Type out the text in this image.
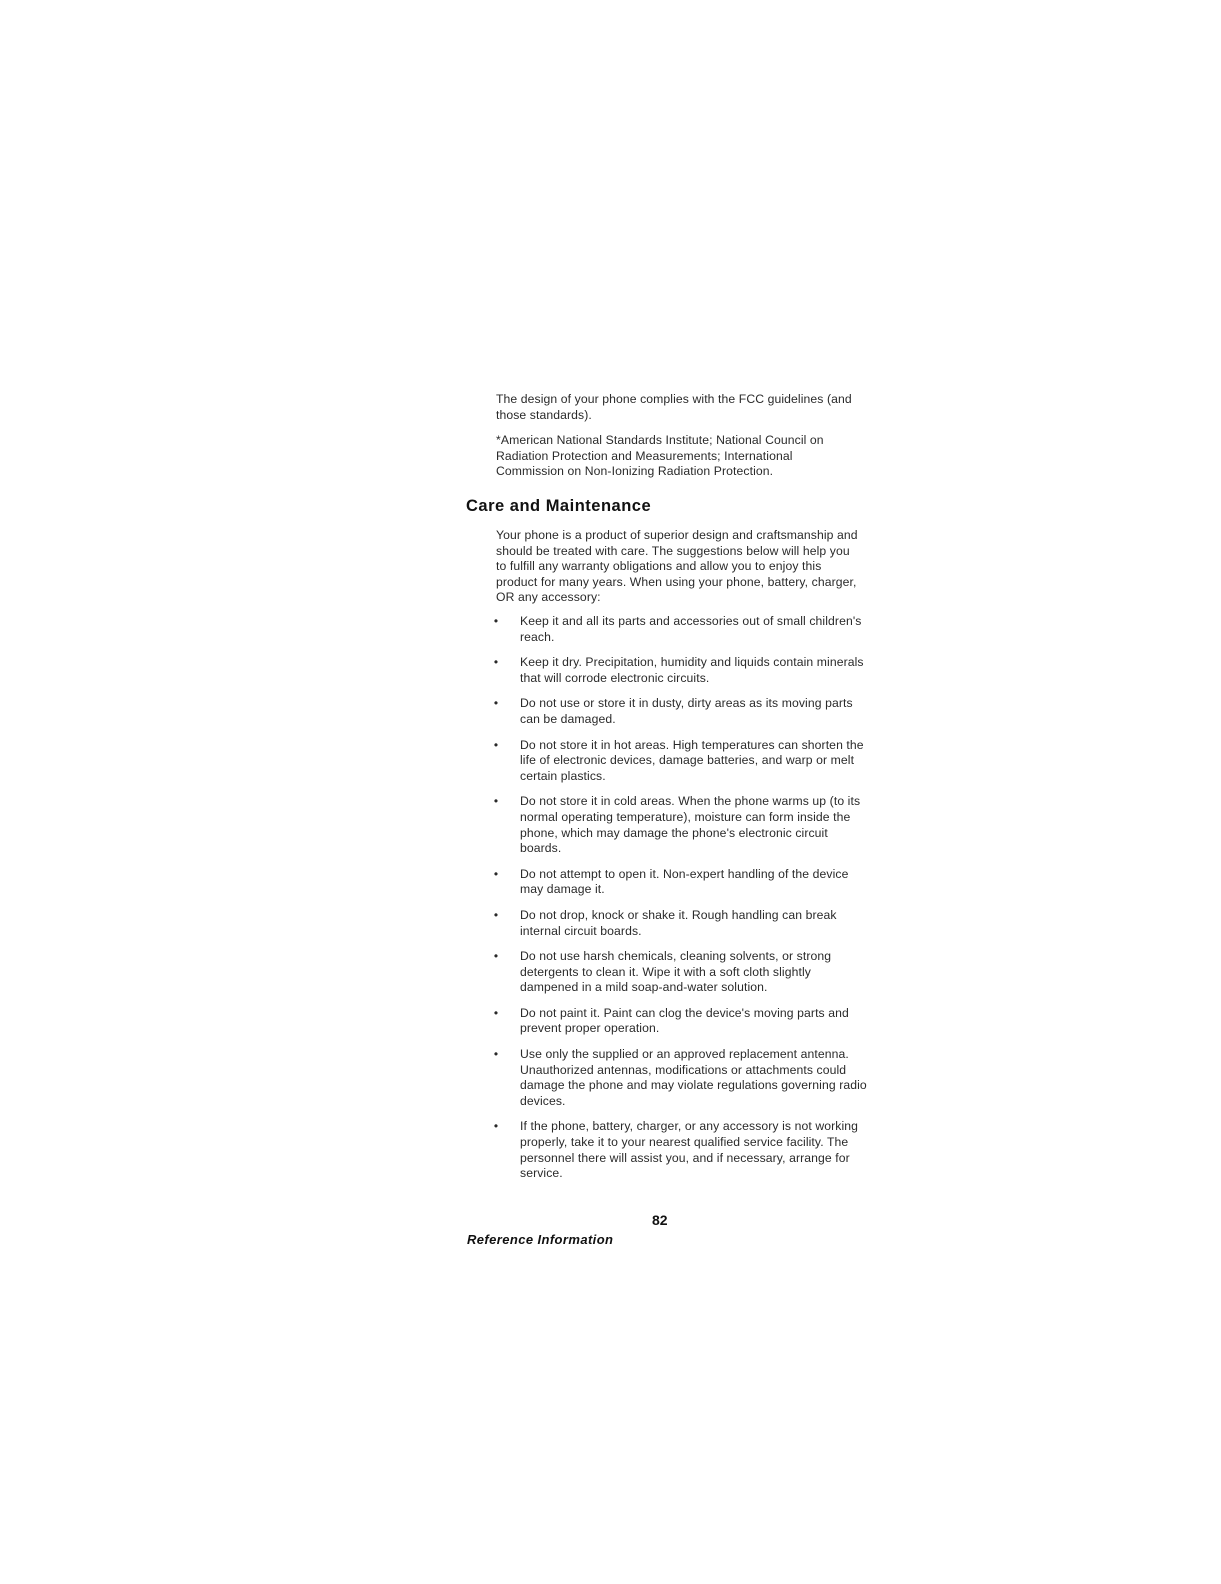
The design of your phone complies with the FCC guidelines (and those standards).

*American National Standards Institute; National Council on Radiation Protection and Measurements; International Commission on Non-Ionizing Radiation Protection.

Care and Maintenance

Your phone is a product of superior design and craftsmanship and should be treated with care. The suggestions below will help you to fulfill any warranty obligations and allow you to enjoy this product for many years. When using your phone, battery, charger, OR any accessory:

• Keep it and all its parts and accessories out of small children's reach.
• Keep it dry. Precipitation, humidity and liquids contain minerals that will corrode electronic circuits.
• Do not use or store it in dusty, dirty areas as its moving parts can be damaged.
• Do not store it in hot areas. High temperatures can shorten the life of electronic devices, damage batteries, and warp or melt certain plastics.
• Do not store it in cold areas. When the phone warms up (to its normal operating temperature), moisture can form inside the phone, which may damage the phone's electronic circuit boards.
• Do not attempt to open it. Non-expert handling of the device may damage it.
• Do not drop, knock or shake it. Rough handling can break internal circuit boards.
• Do not use harsh chemicals, cleaning solvents, or strong detergents to clean it. Wipe it with a soft cloth slightly dampened in a mild soap-and-water solution.
• Do not paint it. Paint can clog the device's moving parts and prevent proper operation.
• Use only the supplied or an approved replacement antenna. Unauthorized antennas, modifications or attachments could damage the phone and may violate regulations governing radio devices.
• If the phone, battery, charger, or any accessory is not working properly, take it to your nearest qualified service facility. The personnel there will assist you, and if necessary, arrange for service.
82
Reference Information
